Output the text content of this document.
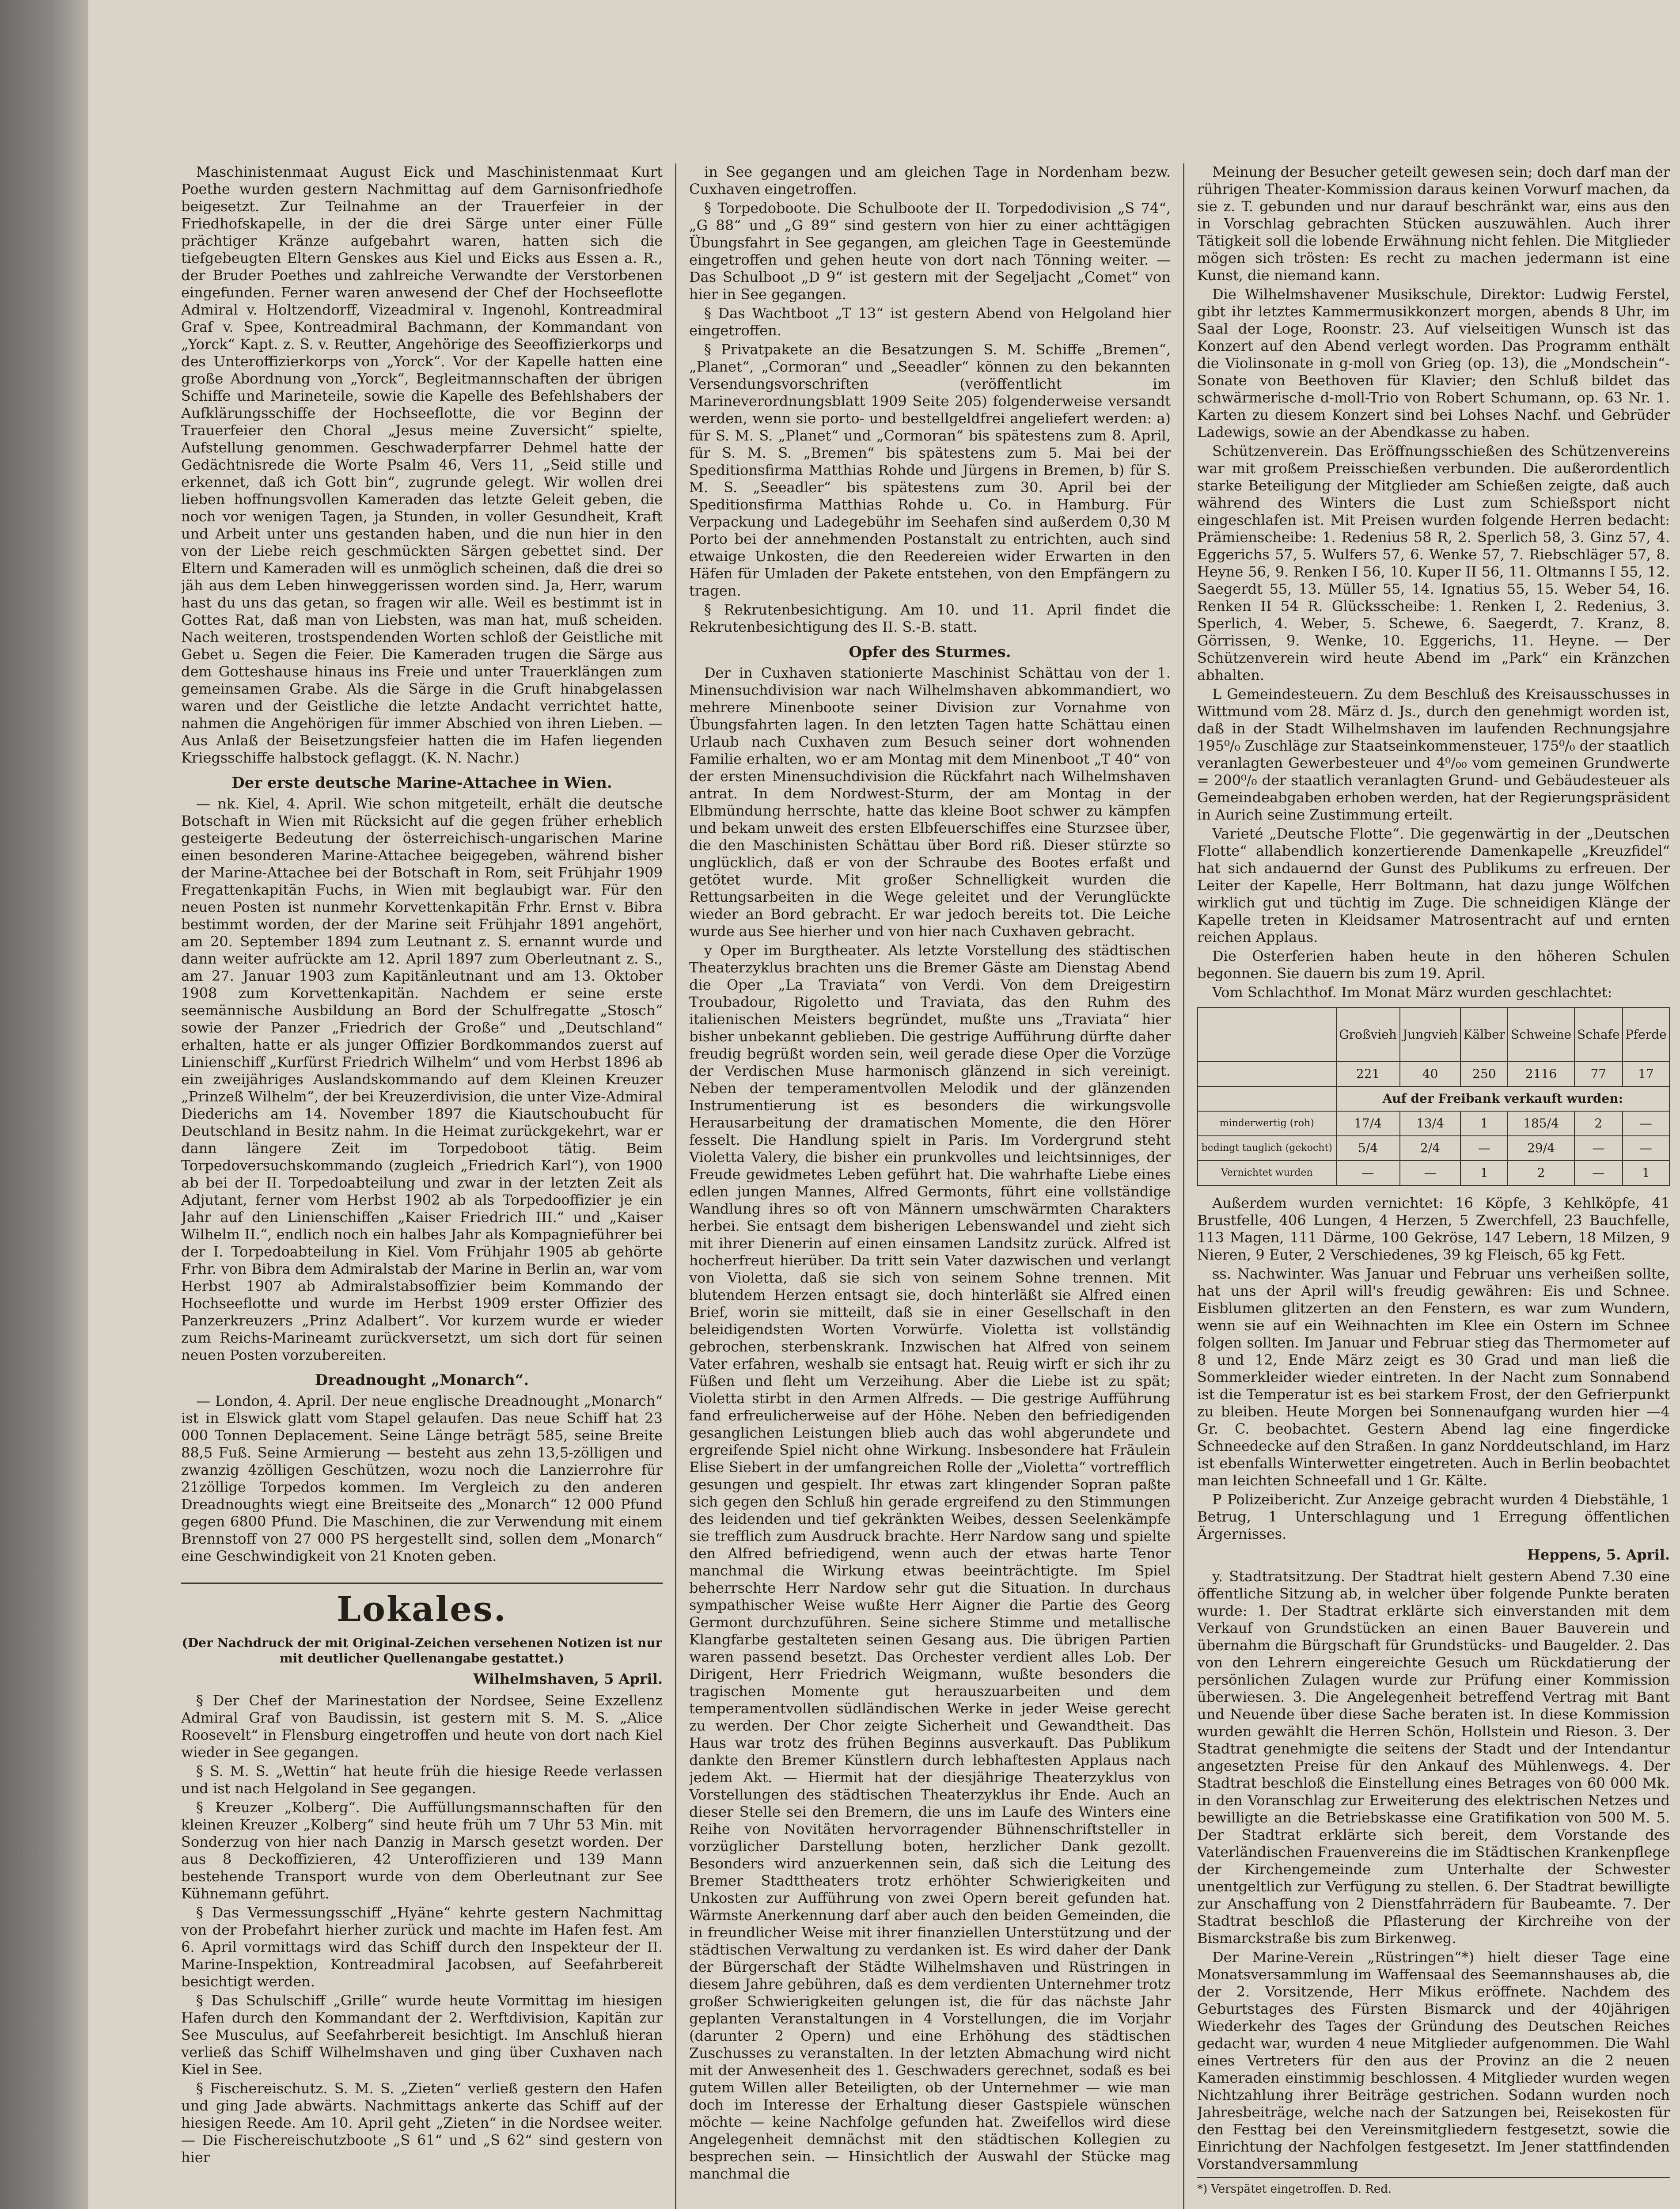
Maschinistenmaat August Eick und Maschinistenmaat Kurt Poethe wurden gestern Nachmittag auf dem Garnisonfriedhofe beigesetzt. Zur Teilnahme an der Trauerfeier in der Friedhofskapelle, in der die drei Särge unter einer Fülle prächtiger Kränze aufgebahrt waren, hatten sich die tiefgebeugten Eltern Genskes aus Kiel und Eicks aus Essen a. R., der Bruder Poethes und zahlreiche Verwandte der Verstorbenen eingefunden. Ferner waren anwesend der Chef der Hochseeflotte Admiral v. Holtzendorff, Vizeadmiral v. Ingenohl, Kontreadmiral Graf v. Spee, Kontreadmiral Bachmann, der Kommandant von „Yorck“ Kapt. z. S. v. Reutter, Angehörige des Seeoffizierkorps und des Unteroffizierkorps von „Yorck“. Vor der Kapelle hatten eine große Abordnung von „Yorck“, Begleitmannschaften der übrigen Schiffe und Marineteile, sowie die Kapelle des Befehlshabers der Aufklärungsschiffe der Hochseeflotte, die vor Beginn der Trauerfeier den Choral „Jesus meine Zuversicht“ spielte, Aufstellung genommen. Geschwaderpfarrer Dehmel hatte der Gedächtnisrede die Worte Psalm 46, Vers 11, „Seid stille und erkennet, daß ich Gott bin“, zugrunde gelegt. Wir wollen drei lieben hoffnungsvollen Kameraden das letzte Geleit geben, die noch vor wenigen Tagen, ja Stunden, in voller Gesundheit, Kraft und Arbeit unter uns gestanden haben, und die nun hier in den von der Liebe reich geschmückten Särgen gebettet sind. Der Eltern und Kameraden will es unmöglich scheinen, daß die drei so jäh aus dem Leben hinweggerissen worden sind. Ja, Herr, warum hast du uns das getan, so fragen wir alle. Weil es bestimmt ist in Gottes Rat, daß man von Liebsten, was man hat, muß scheiden. Nach weiteren, trostspendenden Worten schloß der Geistliche mit Gebet u. Segen die Feier. Die Kameraden trugen die Särge aus dem Gotteshause hinaus ins Freie und unter Trauerklängen zum gemeinsamen Grabe. Als die Särge in die Gruft hinabgelassen waren und der Geistliche die letzte Andacht verrichtet hatte, nahmen die Angehörigen für immer Abschied von ihren Lieben. — Aus Anlaß der Beisetzungsfeier hatten die im Hafen liegenden Kriegsschiffe halbstock geflaggt. (K. N. Nachr.)

Der erste deutsche Marine-Attachee in Wien.

— nk. Kiel, 4. April. Wie schon mitgeteilt, erhält die deutsche Botschaft in Wien mit Rücksicht auf die gegen früher erheblich gesteigerte Bedeutung der österreichisch-ungarischen Marine einen besonderen Marine-Attachee beigegeben, während bisher der Marine-Attachee bei der Botschaft in Rom, seit Frühjahr 1909 Fregattenkapitän Fuchs, in Wien mit beglaubigt war. Für den neuen Posten ist nunmehr Korvettenkapitän Frhr. Ernst v. Bibra bestimmt worden, der der Marine seit Frühjahr 1891 angehört, am 20. September 1894 zum Leutnant z. S. ernannt wurde und dann weiter aufrückte am 12. April 1897 zum Oberleutnant z. S., am 27. Januar 1903 zum Kapitänleutnant und am 13. Oktober 1908 zum Korvettenkapitän. Nachdem er seine erste seemännische Ausbildung an Bord der Schulfregatte „Stosch“ sowie der Panzer „Friedrich der Große“ und „Deutschland“ erhalten, hatte er als junger Offizier Bordkommandos zuerst auf Linienschiff „Kurfürst Friedrich Wilhelm“ und vom Herbst 1896 ab ein zweijähriges Auslandskommando auf dem Kleinen Kreuzer „Prinzeß Wilhelm“, der bei Kreuzerdivision, die unter Vize-Admiral Diederichs am 14. November 1897 die Kiautschoubucht für Deutschland in Besitz nahm. In die Heimat zurückgekehrt, war er dann längere Zeit im Torpedoboot tätig. Beim Torpedoversuchskommando (zugleich „Friedrich Karl“), von 1900 ab bei der II. Torpedoabteilung und zwar in der letzten Zeit als Adjutant, ferner vom Herbst 1902 ab als Torpedooffizier je ein Jahr auf den Linienschiffen „Kaiser Friedrich III.“ und „Kaiser Wilhelm II.“, endlich noch ein halbes Jahr als Kompagnieführer bei der I. Torpedoabteilung in Kiel. Vom Frühjahr 1905 ab gehörte Frhr. von Bibra dem Admiralstab der Marine in Berlin an, war vom Herbst 1907 ab Admiralstabsoffizier beim Kommando der Hochseeflotte und wurde im Herbst 1909 erster Offizier des Panzerkreuzers „Prinz Adalbert“. Vor kurzem wurde er wieder zum Reichs-Marineamt zurückversetzt, um sich dort für seinen neuen Posten vorzubereiten.

Dreadnought „Monarch“.

— London, 4. April. Der neue englische Dreadnought „Monarch“ ist in Elswick glatt vom Stapel gelaufen. Das neue Schiff hat 23 000 Tonnen Deplacement. Seine Länge beträgt 585, seine Breite 88,5 Fuß. Seine Armierung — besteht aus zehn 13,5-zölligen und zwanzig 4zölligen Geschützen, wozu noch die Lanzierrohre für 21zöllige Torpedos kommen. Im Vergleich zu den anderen Dreadnoughts wiegt eine Breitseite des „Monarch“ 12 000 Pfund gegen 6800 Pfund. Die Maschinen, die zur Verwendung mit einem Brennstoff von 27 000 PS hergestellt sind, sollen dem „Monarch“ eine Geschwindigkeit von 21 Knoten geben.

Lokales.
(Der Nachdruck der mit Original-Zeichen versehenen Notizen ist nur mit deutlicher Quellenangabe gestattet.)
Wilhelmshaven, 5 April.

§ Der Chef der Marinestation der Nordsee, Seine Exzellenz Admiral Graf von Baudissin, ist gestern mit S. M. S. „Alice Roosevelt“ in Flensburg eingetroffen und heute von dort nach Kiel wieder in See gegangen.

§ S. M. S. „Wettin“ hat heute früh die hiesige Reede verlassen und ist nach Helgoland in See gegangen.

§ Kreuzer „Kolberg“. Die Auffüllungsmannschaften für den kleinen Kreuzer „Kolberg“ sind heute früh um 7 Uhr 53 Min. mit Sonderzug von hier nach Danzig in Marsch gesetzt worden. Der aus 8 Deckoffizieren, 42 Unteroffizieren und 139 Mann bestehende Transport wurde von dem Oberleutnant zur See Kühnemann geführt.

§ Das Vermessungsschiff „Hyäne“ kehrte gestern Nachmittag von der Probefahrt hierher zurück und machte im Hafen fest. Am 6. April vormittags wird das Schiff durch den Inspekteur der II. Marine-Inspektion, Kontreadmiral Jacobsen, auf Seefahrbereit besichtigt werden.

§ Das Schulschiff „Grille“ wurde heute Vormittag im hiesigen Hafen durch den Kommandant der 2. Werftdivision, Kapitän zur See Musculus, auf Seefahrbereit besichtigt. Im Anschluß hieran verließ das Schiff Wilhelmshaven und ging über Cuxhaven nach Kiel in See.

§ Fischereischutz. S. M. S. „Zieten“ verließ gestern den Hafen und ging Jade abwärts. Nachmittags ankerte das Schiff auf der hiesigen Reede. Am 10. April geht „Zieten“ in die Nordsee weiter. — Die Fischereischutzboote „S 61“ und „S 62“ sind gestern von hier

in See gegangen und am gleichen Tage in Nordenham bezw. Cuxhaven eingetroffen.

§ Torpedoboote. Die Schulboote der II. Torpedodivision „S 74“, „G 88“ und „G 89“ sind gestern von hier zu einer achttägigen Übungsfahrt in See gegangen, am gleichen Tage in Geestemünde eingetroffen und gehen heute von dort nach Tönning weiter. — Das Schulboot „D 9“ ist gestern mit der Segeljacht „Comet“ von hier in See gegangen.

§ Das Wachtboot „T 13“ ist gestern Abend von Helgoland hier eingetroffen.

§ Privatpakete an die Besatzungen S. M. Schiffe „Bremen“, „Planet“, „Cormoran“ und „Seeadler“ können zu den bekannten Versendungsvorschriften (veröffentlicht im Marineverordnungsblatt 1909 Seite 205) folgenderweise versandt werden, wenn sie porto- und bestellgeldfrei angeliefert werden: a) für S. M. S. „Planet“ und „Cormoran“ bis spätestens zum 8. April, für S. M. S. „Bremen“ bis spätestens zum 5. Mai bei der Speditionsfirma Matthias Rohde und Jürgens in Bremen, b) für S. M. S. „Seeadler“ bis spätestens zum 30. April bei der Speditionsfirma Matthias Rohde u. Co. in Hamburg. Für Verpackung und Ladegebühr im Seehafen sind außerdem 0,30 M Porto bei der annehmenden Postanstalt zu entrichten, auch sind etwaige Unkosten, die den Reedereien wider Erwarten in den Häfen für Umladen der Pakete entstehen, von den Empfängern zu tragen.

§ Rekrutenbesichtigung. Am 10. und 11. April findet die Rekrutenbesichtigung des II. S.-B. statt.

Opfer des Sturmes.

Der in Cuxhaven stationierte Maschinist Schättau von der 1. Minensuchdivision war nach Wilhelmshaven abkommandiert, wo mehrere Minenboote seiner Division zur Vornahme von Übungsfahrten lagen. In den letzten Tagen hatte Schättau einen Urlaub nach Cuxhaven zum Besuch seiner dort wohnenden Familie erhalten, wo er am Montag mit dem Minenboot „T 40“ von der ersten Minensuchdivision die Rückfahrt nach Wilhelmshaven antrat. In dem Nordwest-Sturm, der am Montag in der Elbmündung herrschte, hatte das kleine Boot schwer zu kämpfen und bekam unweit des ersten Elbfeuerschiffes eine Sturzsee über, die den Maschinisten Schättau über Bord riß. Dieser stürzte so unglücklich, daß er von der Schraube des Bootes erfaßt und getötet wurde. Mit großer Schnelligkeit wurden die Rettungsarbeiten in die Wege geleitet und der Verunglückte wieder an Bord gebracht. Er war jedoch bereits tot. Die Leiche wurde aus See hierher und von hier nach Cuxhaven gebracht.

y Oper im Burgtheater. Als letzte Vorstellung des städtischen Theaterzyklus brachten uns die Bremer Gäste am Dienstag Abend die Oper „La Traviata“ von Verdi. Von dem Dreigestirn Troubadour, Rigoletto und Traviata, das den Ruhm des italienischen Meisters begründet, mußte uns „Traviata“ hier bisher unbekannt geblieben. Die gestrige Aufführung dürfte daher freudig begrüßt worden sein, weil gerade diese Oper die Vorzüge der Verdischen Muse harmonisch glänzend in sich vereinigt. Neben der temperamentvollen Melodik und der glänzenden Instrumentierung ist es besonders die wirkungsvolle Herausarbeitung der dramatischen Momente, die den Hörer fesselt. Die Handlung spielt in Paris. Im Vordergrund steht Violetta Valery, die bisher ein prunkvolles und leichtsinniges, der Freude gewidmetes Leben geführt hat. Die wahrhafte Liebe eines edlen jungen Mannes, Alfred Germonts, führt eine vollständige Wandlung ihres so oft von Männern umschwärmten Charakters herbei. Sie entsagt dem bisherigen Lebenswandel und zieht sich mit ihrer Dienerin auf einen einsamen Landsitz zurück. Alfred ist hocherfreut hierüber. Da tritt sein Vater dazwischen und verlangt von Violetta, daß sie sich von seinem Sohne trennen. Mit blutendem Herzen entsagt sie, doch hinterläßt sie Alfred einen Brief, worin sie mitteilt, daß sie in einer Gesellschaft in den beleidigendsten Worten Vorwürfe. Violetta ist vollständig gebrochen, sterbenskrank. Inzwischen hat Alfred von seinem Vater erfahren, weshalb sie entsagt hat. Reuig wirft er sich ihr zu Füßen und fleht um Verzeihung. Aber die Liebe ist zu spät; Violetta stirbt in den Armen Alfreds. — Die gestrige Aufführung fand erfreulicherweise auf der Höhe. Neben den befriedigenden gesanglichen Leistungen blieb auch das wohl abgerundete und ergreifende Spiel nicht ohne Wirkung. Insbesondere hat Fräulein Elise Siebert in der umfangreichen Rolle der „Violetta“ vortrefflich gesungen und gespielt. Ihr etwas zart klingender Sopran paßte sich gegen den Schluß hin gerade ergreifend zu den Stimmungen des leidenden und tief gekränkten Weibes, dessen Seelenkämpfe sie trefflich zum Ausdruck brachte. Herr Nardow sang und spielte den Alfred befriedigend, wenn auch der etwas harte Tenor manchmal die Wirkung etwas beeinträchtigte. Im Spiel beherrschte Herr Nardow sehr gut die Situation. In durchaus sympathischer Weise wußte Herr Aigner die Partie des Georg Germont durchzuführen. Seine sichere Stimme und metallische Klangfarbe gestalteten seinen Gesang aus. Die übrigen Partien waren passend besetzt. Das Orchester verdient alles Lob. Der Dirigent, Herr Friedrich Weigmann, wußte besonders die tragischen Momente gut herauszuarbeiten und dem temperamentvollen südländischen Werke in jeder Weise gerecht zu werden. Der Chor zeigte Sicherheit und Gewandtheit. Das Haus war trotz des frühen Beginns ausverkauft. Das Publikum dankte den Bremer Künstlern durch lebhaftesten Applaus nach jedem Akt. — Hiermit hat der diesjährige Theaterzyklus von Vorstellungen des städtischen Theaterzyklus ihr Ende. Auch an dieser Stelle sei den Bremern, die uns im Laufe des Winters eine Reihe von Novitäten hervorragender Bühnenschriftsteller in vorzüglicher Darstellung boten, herzlicher Dank gezollt. Besonders wird anzuerkennen sein, daß sich die Leitung des Bremer Stadttheaters trotz erhöhter Schwierigkeiten und Unkosten zur Aufführung von zwei Opern bereit gefunden hat. Wärmste Anerkennung darf aber auch den beiden Gemeinden, die in freundlicher Weise mit ihrer finanziellen Unterstützung und der städtischen Verwaltung zu verdanken ist. Es wird daher der Dank der Bürgerschaft der Städte Wilhelmshaven und Rüstringen in diesem Jahre gebühren, daß es dem verdienten Unternehmer trotz großer Schwierigkeiten gelungen ist, die für das nächste Jahr geplanten Veranstaltungen in 4 Vorstellungen, die im Vorjahr (darunter 2 Opern) und eine Erhöhung des städtischen Zuschusses zu veranstalten. In der letzten Abmachung wird nicht mit der Anwesenheit des 1. Geschwaders gerechnet, sodaß es bei gutem Willen aller Beteiligten, ob der Unternehmer — wie man doch im Interesse der Erhaltung dieser Gastspiele wünschen möchte — keine Nachfolge gefunden hat. Zweifellos wird diese Angelegenheit demnächst mit den städtischen Kollegien zu besprechen sein. — Hinsichtlich der Auswahl der Stücke mag manchmal die

Meinung der Besucher geteilt gewesen sein; doch darf man der rührigen Theater-Kommission daraus keinen Vorwurf machen, da sie z. T. gebunden und nur darauf beschränkt war, eins aus den in Vorschlag gebrachten Stücken auszuwählen. Auch ihrer Tätigkeit soll die lobende Erwähnung nicht fehlen. Die Mitglieder mögen sich trösten: Es recht zu machen jedermann ist eine Kunst, die niemand kann.

Die Wilhelmshavener Musikschule, Direktor: Ludwig Ferstel, gibt ihr letztes Kammermusikkonzert morgen, abends 8 Uhr, im Saal der Loge, Roonstr. 23. Auf vielseitigen Wunsch ist das Konzert auf den Abend verlegt worden. Das Programm enthält die Violinsonate in g-moll von Grieg (op. 13), die „Mondschein“-Sonate von Beethoven für Klavier; den Schluß bildet das schwärmerische d-moll-Trio von Robert Schumann, op. 63 Nr. 1. Karten zu diesem Konzert sind bei Lohses Nachf. und Gebrüder Ladewigs, sowie an der Abendkasse zu haben.

Schützenverein. Das Eröffnungsschießen des Schützenvereins war mit großem Preisschießen verbunden. Die außerordentlich starke Beteiligung der Mitglieder am Schießen zeigte, daß auch während des Winters die Lust zum Schießsport nicht eingeschlafen ist. Mit Preisen wurden folgende Herren bedacht: Prämienscheibe: 1. Redenius 58 R, 2. Sperlich 58, 3. Ginz 57, 4. Eggerichs 57, 5. Wulfers 57, 6. Wenke 57, 7. Riebschläger 57, 8. Heyne 56, 9. Renken I 56, 10. Kuper II 56, 11. Oltmanns I 55, 12. Saegerdt 55, 13. Müller 55, 14. Ignatius 55, 15. Weber 54, 16. Renken II 54 R. Glücksscheibe: 1. Renken I, 2. Redenius, 3. Sperlich, 4. Weber, 5. Schewe, 6. Saegerdt, 7. Kranz, 8. Görrissen, 9. Wenke, 10. Eggerichs, 11. Heyne. — Der Schützenverein wird heute Abend im „Park“ ein Kränzchen abhalten.

L Gemeindesteuern. Zu dem Beschluß des Kreisausschusses in Wittmund vom 28. März d. Js., durch den genehmigt worden ist, daß in der Stadt Wilhelmshaven im laufenden Rechnungsjahre 195⁰/₀ Zuschläge zur Staatseinkommensteuer, 175⁰/₀ der staatlich veranlagten Gewerbesteuer und 4⁰/₀₀ vom gemeinen Grundwerte = 200⁰/₀ der staatlich veranlagten Grund- und Gebäudesteuer als Gemeindeabgaben erhoben werden, hat der Regierungspräsident in Aurich seine Zustimmung erteilt.

Varieté „Deutsche Flotte“. Die gegenwärtig in der „Deutschen Flotte“ allabendlich konzertierende Damenkapelle „Kreuzfidel“ hat sich andauernd der Gunst des Publikums zu erfreuen. Der Leiter der Kapelle, Herr Boltmann, hat dazu junge Wölfchen wirklich gut und tüchtig im Zuge. Die schneidigen Klänge der Kapelle treten in Kleidsamer Matrosentracht auf und ernten reichen Applaus.

Die Osterferien haben heute in den höheren Schulen begonnen. Sie dauern bis zum 19. April.

Vom Schlachthof. Im Monat März wurden geschlachtet:

	Großvieh	Jungvieh	Kälber	Schweine	Schafe	Pferde
	221	40	250	2116	77	17
	Auf der Freibank verkauft wurden:					
minderwertig (roh)	17/4	13/4	1	185/4	2	—
bedingt tauglich (gekocht)	5/4	2/4	—	29/4	—	—
Vernichtet wurden	—	—	1	2	—	1

Außerdem wurden vernichtet: 16 Köpfe, 3 Kehlköpfe, 41 Brustfelle, 406 Lungen, 4 Herzen, 5 Zwerchfell, 23 Bauchfelle, 113 Magen, 111 Därme, 100 Gekröse, 147 Lebern, 18 Milzen, 9 Nieren, 9 Euter, 2 Verschiedenes, 39 kg Fleisch, 65 kg Fett.

ss. Nachwinter. Was Januar und Februar uns verheißen sollte, hat uns der April will's freudig gewähren: Eis und Schnee. Eisblumen glitzerten an den Fenstern, es war zum Wundern, wenn sie auf ein Weihnachten im Klee ein Ostern im Schnee folgen sollten. Im Januar und Februar stieg das Thermometer auf 8 und 12, Ende März zeigt es 30 Grad und man ließ die Sommerkleider wieder eintreten. In der Nacht zum Sonnabend ist die Temperatur ist es bei starkem Frost, der den Gefrierpunkt zu bleiben. Heute Morgen bei Sonnenaufgang wurden hier —4 Gr. C. beobachtet. Gestern Abend lag eine fingerdicke Schneedecke auf den Straßen. In ganz Norddeutschland, im Harz ist ebenfalls Winterwetter eingetreten. Auch in Berlin beobachtet man leichten Schneefall und 1 Gr. Kälte.

P Polizeibericht. Zur Anzeige gebracht wurden 4 Diebstähle, 1 Betrug, 1 Unterschlagung und 1 Erregung öffentlichen Ärgernisses.

Heppens, 5. April.

y. Stadtratsitzung. Der Stadtrat hielt gestern Abend 7.30 eine öffentliche Sitzung ab, in welcher über folgende Punkte beraten wurde: 1. Der Stadtrat erklärte sich einverstanden mit dem Verkauf von Grundstücken an einen Bauer Bauverein und übernahm die Bürgschaft für Grundstücks- und Baugelder. 2. Das von den Lehrern eingereichte Gesuch um Rückdatierung der persönlichen Zulagen wurde zur Prüfung einer Kommission überwiesen. 3. Die Angelegenheit betreffend Vertrag mit Bant und Neuende über diese Sache beraten ist. In diese Kommission wurden gewählt die Herren Schön, Hollstein und Rieson. 3. Der Stadtrat genehmigte die seitens der Stadt und der Intendantur angesetzten Preise für den Ankauf des Mühlenwegs. 4. Der Stadtrat beschloß die Einstellung eines Betrages von 60 000 Mk. in den Voranschlag zur Erweiterung des elektrischen Netzes und bewilligte an die Betriebskasse eine Gratifikation von 500 M. 5. Der Stadtrat erklärte sich bereit, dem Vorstande des Vaterländischen Frauenvereins die im Städtischen Krankenpflege der Kirchengemeinde zum Unterhalte der Schwester unentgeltlich zur Verfügung zu stellen. 6. Der Stadtrat bewilligte zur Anschaffung von 2 Dienstfahrrädern für Baubeamte. 7. Der Stadtrat beschloß die Pflasterung der Kirchreihe von der Bismarckstraße bis zum Birkenweg.

Der Marine-Verein „Rüstringen“*) hielt dieser Tage eine Monatsversammlung im Waffensaal des Seemannshauses ab, die der 2. Vorsitzende, Herr Mikus eröffnete. Nachdem des Geburtstages des Fürsten Bismarck und der 40jährigen Wiederkehr des Tages der Gründung des Deutschen Reiches gedacht war, wurden 4 neue Mitglieder aufgenommen. Die Wahl eines Vertreters für den aus der Provinz an die 2 neuen Kameraden einstimmig beschlossen. 4 Mitglieder wurden wegen Nichtzahlung ihrer Beiträge gestrichen. Sodann wurden noch Jahresbeiträge, welche nach der Satzungen bei, Reisekosten für den Festtag bei den Vereinsmitgliedern festgesetzt, sowie die Einrichtung der Nachfolgen festgesetzt. Im Jener stattfindenden Vorstandversammlung

*) Verspätet eingetroffen. D. Red.
